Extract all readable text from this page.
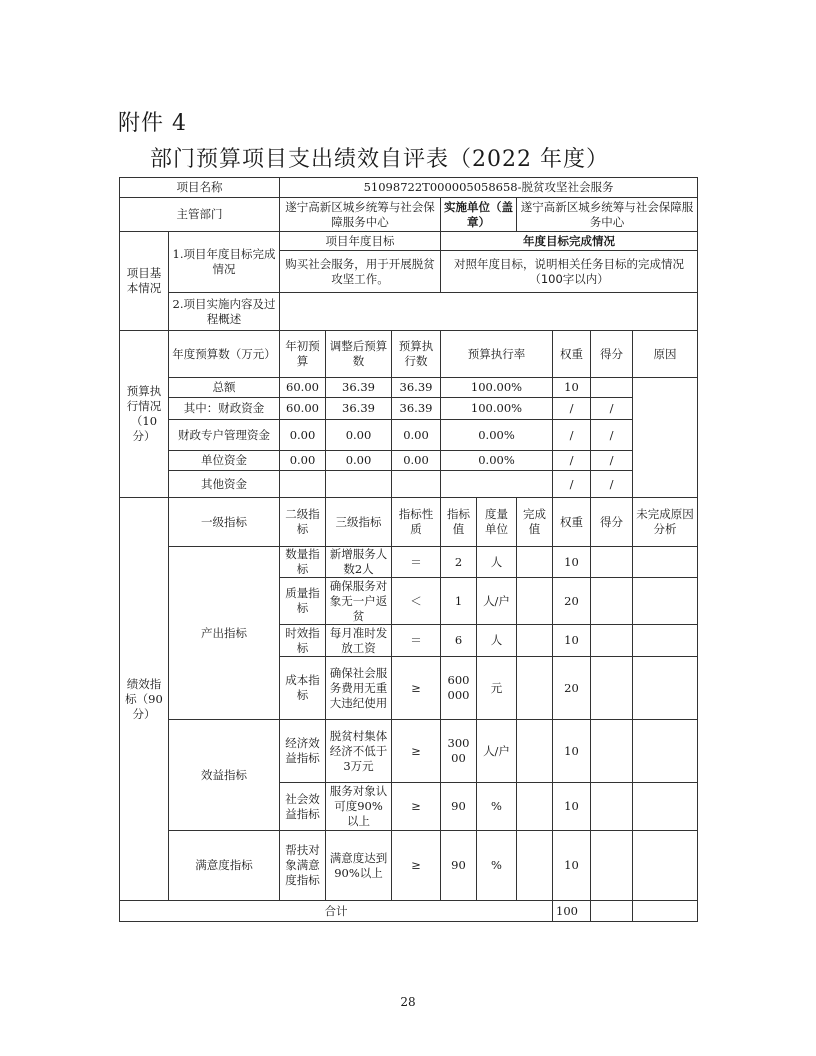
附件 4
部门预算项目支出绩效自评表（2022 年度）
项目名称		51098722T000005058658-脱贫攻坚社会服务								
主管部门		遂宁高新区城乡统筹与社会保障服务中心			实施单位（盖章）		遂宁高新区城乡统筹与社会保障服务中心			
项目基本情况	1.项目年度目标完成情况	项目年度目标			年度目标完成情况					
		购买社会服务，用于开展脱贫攻坚工作。			对照年度目标，说明相关任务目标的完成情况（100字以内）					
	2.项目实施内容及过程概述									
预算执行情况（10分）	年度预算数（万元）	年初预算	调整后预算数	预算执行数	预算执行率			权重	得分	原因
	总额	60.00	36.39	36.39	100.00%			10		
	其中：财政资金	60.00	36.39	36.39	100.00%			/	/	
	财政专户管理资金	0.00	0.00	0.00	0.00%			/	/	
	单位资金	0.00	0.00	0.00	0.00%			/	/	
	其他资金							/	/	
绩效指标（90分）	一级指标	二级指标	三级指标	指标性质	指标值	度量单位	完成值	权重	得分	未完成原因分析
	产出指标	数量指标	新增服务人数2人	＝	2	人		10		
		质量指标	确保服务对象无一户返贫	＜	1	人/户		20		
		时效指标	每月准时发放工资	＝	6	人		10		
		成本指标	确保社会服务费用无重大违纪使用	≥	600000	元		20		
	效益指标	经济效益指标	脱贫村集体经济不低于3万元	≥	30000	人/户		10		
		社会效益指标	服务对象认可度90%以上	≥	90	%		10		
	满意度指标	帮扶对象满意度指标	满意度达到90%以上	≥	90	%		10		
合计								100		
28
